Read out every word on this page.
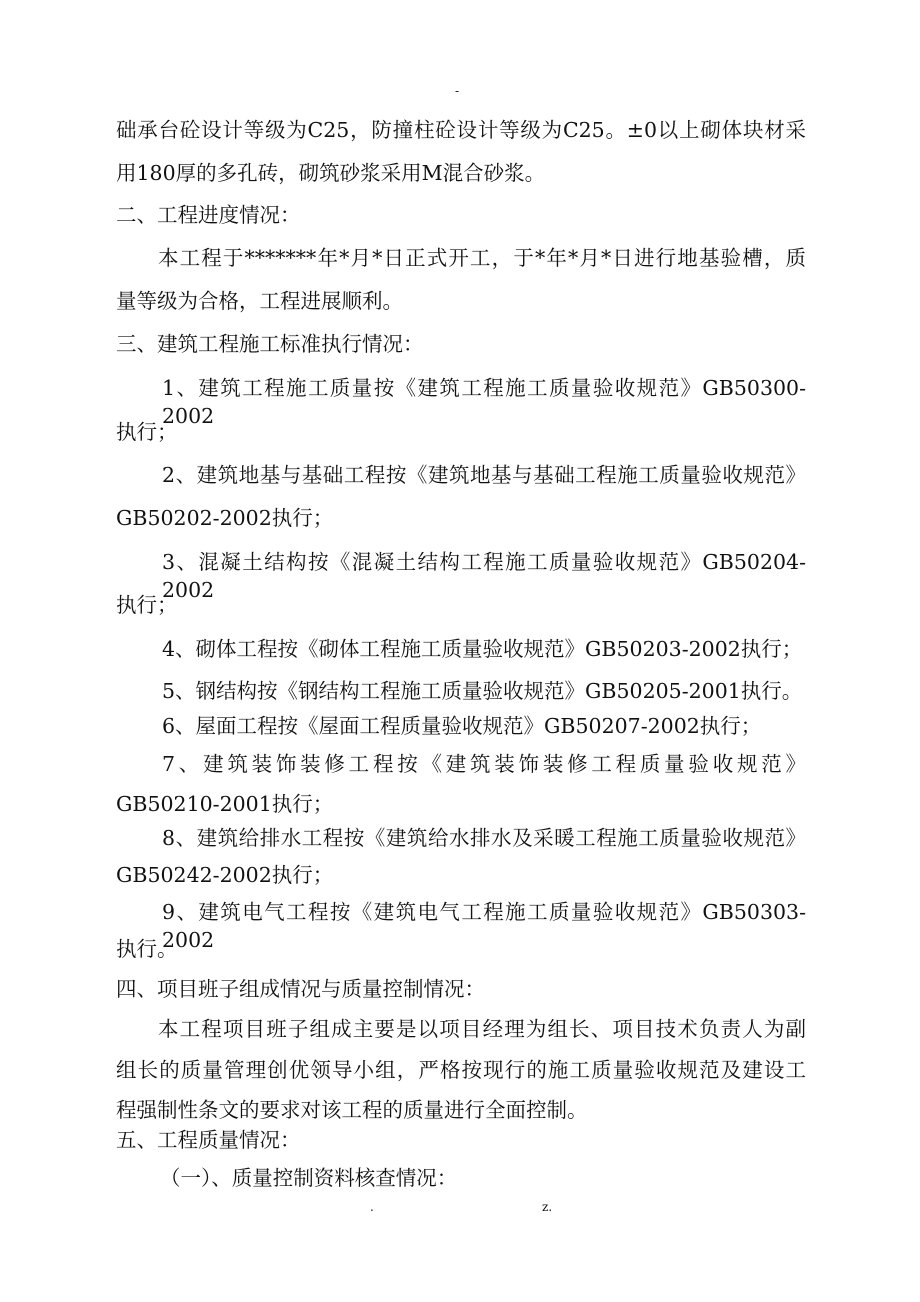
-
础承台砼设计等级为C25，防撞柱砼设计等级为C25。±0以上砌体块材采
用180厚的多孔砖，砌筑砂浆采用M混合砂浆。
二、工程进度情况：
本工程于*******年*月*日正式开工，于*年*月*日进行地基验槽，质
量等级为合格，工程进展顺利。
三、建筑工程施工标准执行情况：
1、建筑工程施工质量按《建筑工程施工质量验收规范》GB50300-2002
执行；
2、建筑地基与基础工程按《建筑地基与基础工程施工质量验收规范》
GB50202-2002执行；
3、混凝土结构按《混凝土结构工程施工质量验收规范》GB50204-2002
执行；
4、砌体工程按《砌体工程施工质量验收规范》GB50203-2002执行；
5、钢结构按《钢结构工程施工质量验收规范》GB50205-2001执行。
6、屋面工程按《屋面工程质量验收规范》GB50207-2002执行；
7、建筑装饰装修工程按《建筑装饰装修工程质量验收规范》
GB50210-2001执行；
8、建筑给排水工程按《建筑给水排水及采暖工程施工质量验收规范》
GB50242-2002执行；
9、建筑电气工程按《建筑电气工程施工质量验收规范》GB50303-2002
执行。
四、项目班子组成情况与质量控制情况：
本工程项目班子组成主要是以项目经理为组长、项目技术负责人为副
组长的质量管理创优领导小组，严格按现行的施工质量验收规范及建设工
程强制性条文的要求对该工程的质量进行全面控制。
五、工程质量情况：
（一）、质量控制资料核查情况：
.	z.
